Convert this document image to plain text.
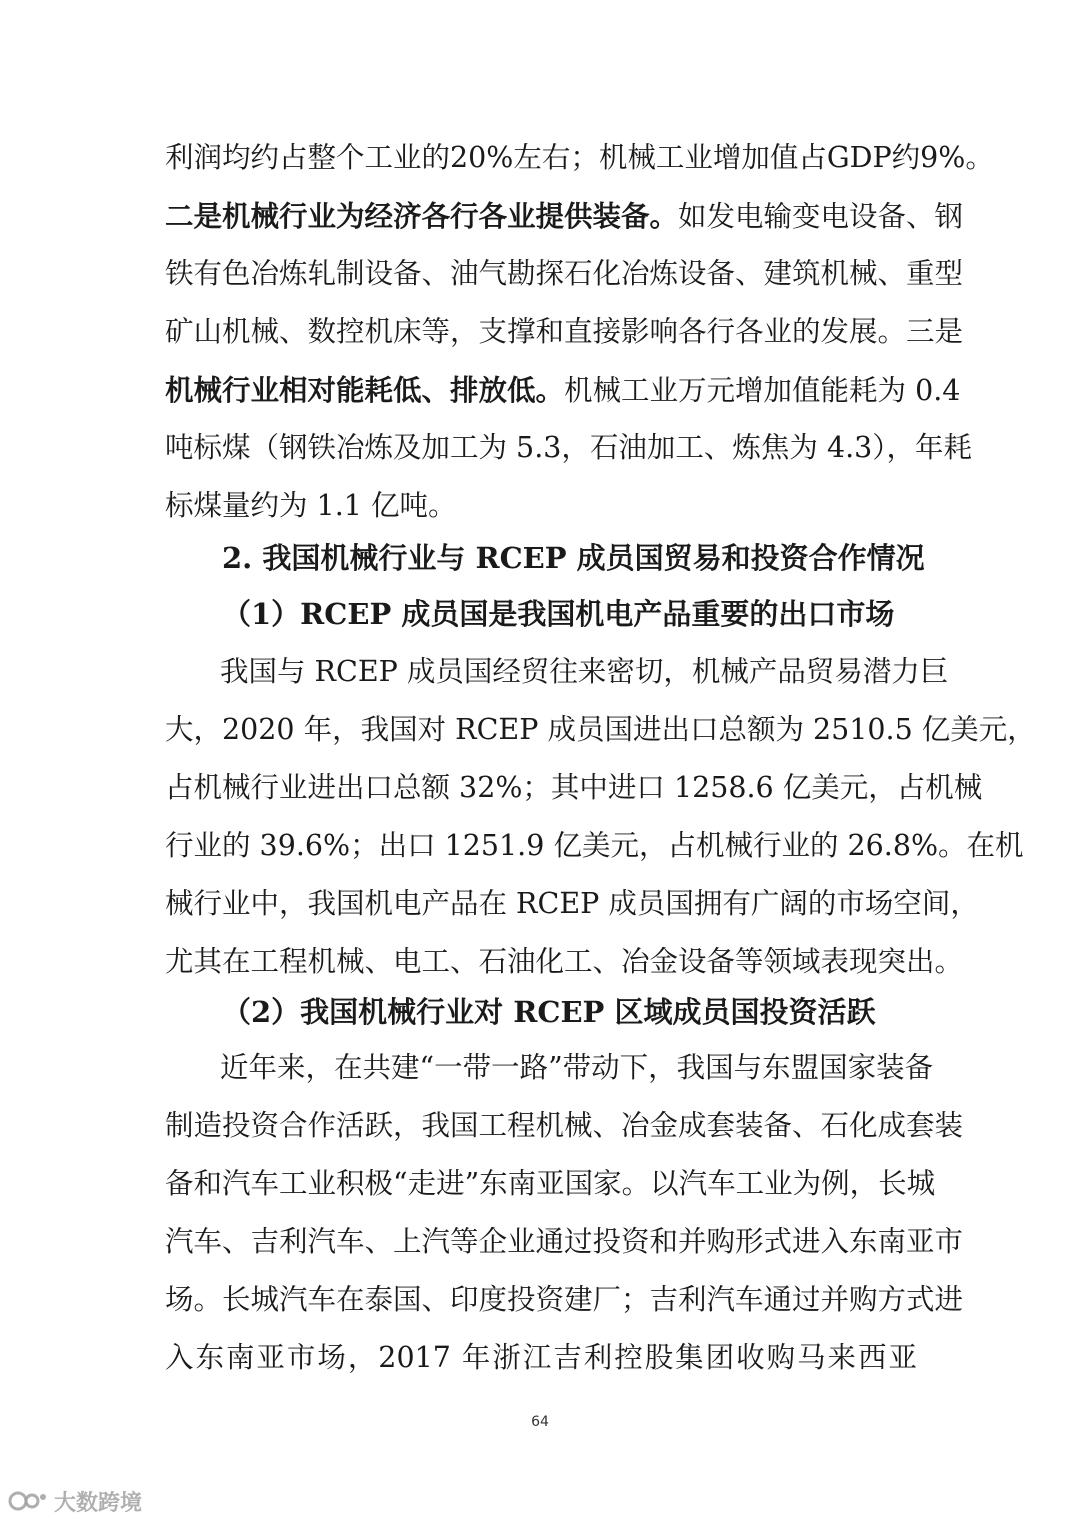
利润均约占整个工业的20%左右；机械工业增加值占GDP约9%。
二是机械行业为经济各行各业提供装备。如发电输变电设备、钢
铁有色冶炼轧制设备、油气勘探石化冶炼设备、建筑机械、重型
矿山机械、数控机床等，支撑和直接影响各行各业的发展。三是
机械行业相对能耗低、排放低。机械工业万元增加值能耗为 0.4
吨标煤（钢铁冶炼及加工为 5.3，石油加工、炼焦为 4.3），年耗
标煤量约为 1.1 亿吨。
2. 我国机械行业与 RCEP 成员国贸易和投资合作情况
（1）RCEP 成员国是我国机电产品重要的出口市场
我国与 RCEP 成员国经贸往来密切，机械产品贸易潜力巨
大，2020 年，我国对 RCEP 成员国进出口总额为 2510.5 亿美元，
占机械行业进出口总额 32%；其中进口 1258.6 亿美元，占机械
行业的 39.6%；出口 1251.9 亿美元，占机械行业的 26.8%。在机
械行业中，我国机电产品在 RCEP 成员国拥有广阔的市场空间，
尤其在工程机械、电工、石油化工、冶金设备等领域表现突出。
（2）我国机械行业对 RCEP 区域成员国投资活跃
近年来，在共建“一带一路”带动下，我国与东盟国家装备
制造投资合作活跃，我国工程机械、冶金成套装备、石化成套装
备和汽车工业积极“走进”东南亚国家。以汽车工业为例，长城
汽车、吉利汽车、上汽等企业通过投资和并购形式进入东南亚市
场。长城汽车在泰国、印度投资建厂；吉利汽车通过并购方式进
入东南亚市场，2017 年浙江吉利控股集团收购马来西亚
64
大数跨境
